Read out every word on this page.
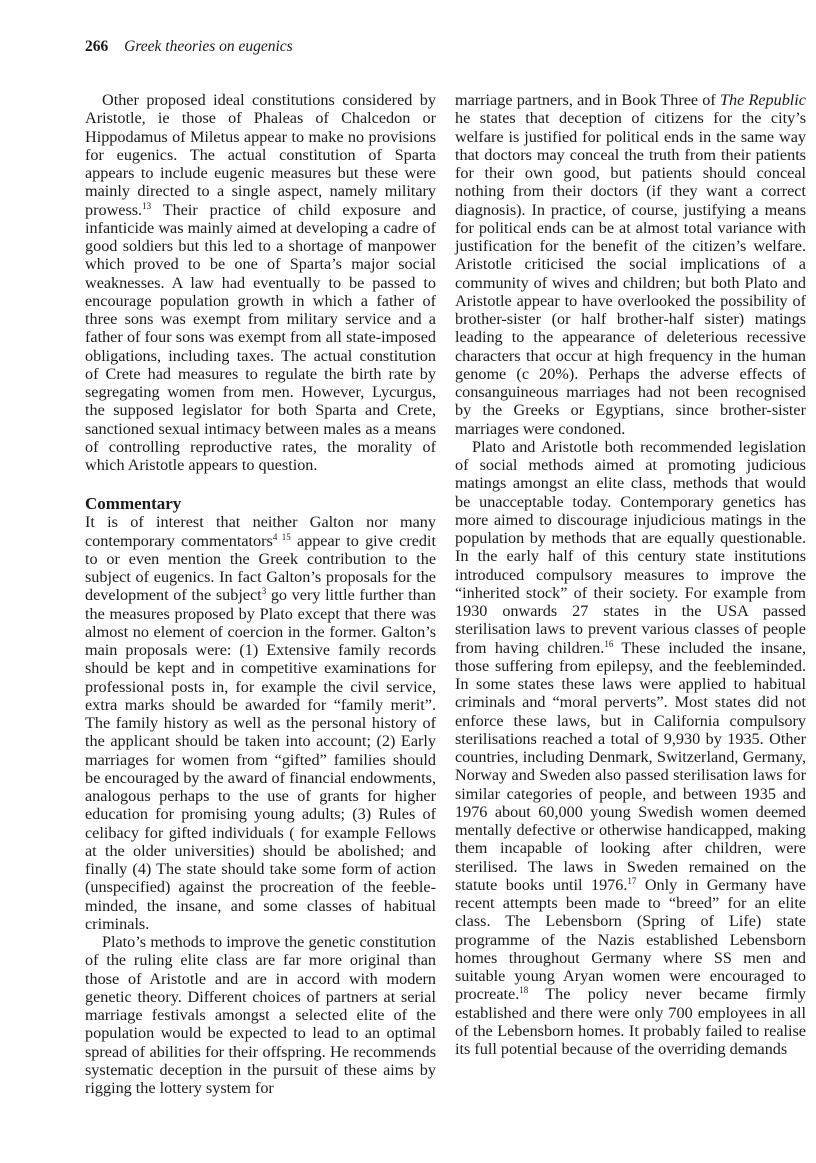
266 Greek theories on eugenics

Other proposed ideal constitutions considered by Aristotle, ie those of Phaleas of Chalcedon or Hippodamus of Miletus appear to make no provisions for eugenics. The actual constitution of Sparta appears to include eugenic measures but these were mainly directed to a single aspect, namely military prowess.$^{13}$ Their practice of child exposure and infanticide was mainly aimed at developing a cadre of good soldiers but this led to a shortage of manpower which proved to be one of Sparta’s major social weaknesses. A law had eventually to be passed to encourage population growth in which a father of three sons was exempt from military service and a father of four sons was exempt from all state-imposed obligations, including taxes. The actual constitution of Crete had measures to regulate the birth rate by segregating women from men. However, Lycurgus, the supposed legislator for both Sparta and Crete, sanctioned sexual intimacy between males as a means of controlling reproductive rates, the morality of which Aristotle appears to question.

Commentary

It is of interest that neither Galton nor many contemporary commentators$^{4 15}$ appear to give credit to or even mention the Greek contribution to the subject of eugenics. In fact Galton’s proposals for the development of the subject$^3$ go very little further than the measures proposed by Plato except that there was almost no element of coercion in the former. Galton’s main proposals were: (1) Extensive family records should be kept and in competitive examinations for professional posts in, for example the civil service, extra marks should be awarded for “family merit”. The family history as well as the personal history of the applicant should be taken into account; (2) Early marriages for women from “gifted” families should be encouraged by the award of financial endowments, analogous perhaps to the use of grants for higher education for promising young adults; (3) Rules of celibacy for gifted individuals ( for example Fellows at the older universities) should be abolished; and finally (4) The state should take some form of action (unspecified) against the procreation of the feeble-minded, the insane, and some classes of habitual criminals.

Plato’s methods to improve the genetic constitution of the ruling elite class are far more original than those of Aristotle and are in accord with modern genetic theory. Different choices of partners at serial marriage festivals amongst a selected elite of the population would be expected to lead to an optimal spread of abilities for their offspring. He recommends systematic deception in the pursuit of these aims by rigging the lottery system for

marriage partners, and in Book Three of The Republic he states that deception of citizens for the city’s welfare is justified for political ends in the same way that doctors may conceal the truth from their patients for their own good, but patients should conceal nothing from their doctors (if they want a correct diagnosis). In practice, of course, justifying a means for political ends can be at almost total variance with justification for the benefit of the citizen’s welfare. Aristotle criticised the social implications of a community of wives and children; but both Plato and Aristotle appear to have overlooked the possibility of brother-sister (or half brother-half sister) matings leading to the appearance of deleterious recessive characters that occur at high frequency in the human genome (c 20%). Perhaps the adverse effects of consanguineous marriages had not been recognised by the Greeks or Egyptians, since brother-sister marriages were condoned.

Plato and Aristotle both recommended legislation of social methods aimed at promoting judicious matings amongst an elite class, methods that would be unacceptable today. Contemporary genetics has more aimed to discourage injudicious matings in the population by methods that are equally questionable. In the early half of this century state institutions introduced compulsory measures to improve the “inherited stock” of their society. For example from 1930 onwards 27 states in the USA passed sterilisation laws to prevent various classes of people from having children.$^{16}$ These included the insane, those suffering from epilepsy, and the feebleminded. In some states these laws were applied to habitual criminals and “moral perverts”. Most states did not enforce these laws, but in California compulsory sterilisations reached a total of 9,930 by 1935. Other countries, including Denmark, Switzerland, Germany, Norway and Sweden also passed sterilisation laws for similar categories of people, and between 1935 and 1976 about 60,000 young Swedish women deemed mentally defective or otherwise handicapped, making them incapable of looking after children, were sterilised. The laws in Sweden remained on the statute books until 1976.17 Only in Germany have recent attempts been made to “breed” for an elite class. The Lebensborn (Spring of Life) state programme of the Nazis established Lebensborn homes throughout Germany where SS men and suitable young Aryan women were encouraged to procreate.$^{18}$ The policy never became firmly established and there were only 700 employees in all of the Lebensborn homes. It probably failed to realise its full potential because of the overriding demands
